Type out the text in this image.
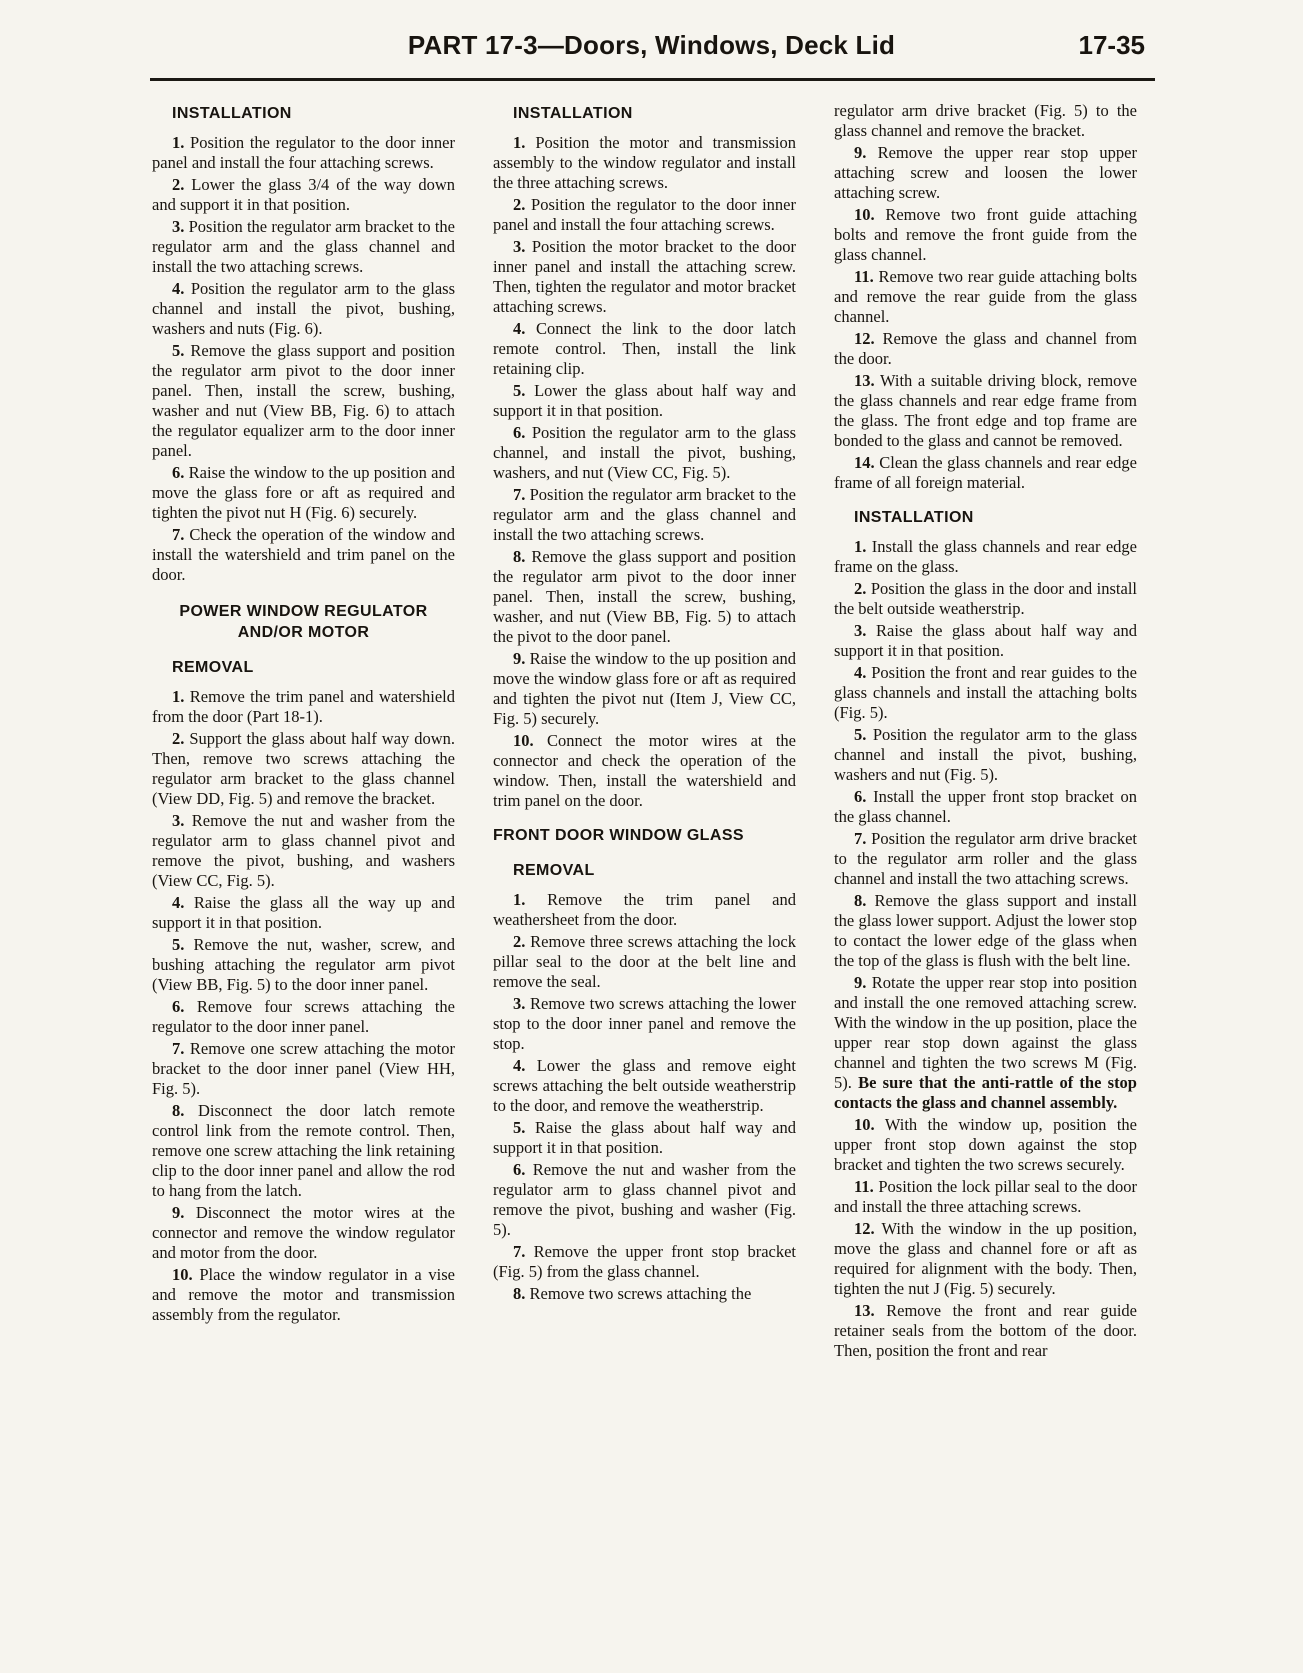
PART 17-3—Doors, Windows, Deck Lid	17-35
INSTALLATION

1. Position the regulator to the door inner panel and install the four attaching screws.

2. Lower the glass 3/4 of the way down and support it in that position.

3. Position the regulator arm bracket to the regulator arm and the glass channel and install the two attaching screws.

4. Position the regulator arm to the glass channel and install the pivot, bushing, washers and nuts (Fig. 6).

5. Remove the glass support and position the regulator arm pivot to the door inner panel. Then, install the screw, bushing, washer and nut (View BB, Fig. 6) to attach the regulator equalizer arm to the door inner panel.

6. Raise the window to the up position and move the glass fore or aft as required and tighten the pivot nut H (Fig. 6) securely.

7. Check the operation of the window and install the watershield and trim panel on the door.

POWER WINDOW REGULATOR AND/OR MOTOR
REMOVAL

1. Remove the trim panel and watershield from the door (Part 18-1).

2. Support the glass about half way down. Then, remove two screws attaching the regulator arm bracket to the glass channel (View DD, Fig. 5) and remove the bracket.

3. Remove the nut and washer from the regulator arm to glass channel pivot and remove the pivot, bushing, and washers (View CC, Fig. 5).

4. Raise the glass all the way up and support it in that position.

5. Remove the nut, washer, screw, and bushing attaching the regulator arm pivot (View BB, Fig. 5) to the door inner panel.

6. Remove four screws attaching the regulator to the door inner panel.

7. Remove one screw attaching the motor bracket to the door inner panel (View HH, Fig. 5).

8. Disconnect the door latch remote control link from the remote control. Then, remove one screw attaching the link retaining clip to the door inner panel and allow the rod to hang from the latch.

9. Disconnect the motor wires at the connector and remove the window regulator and motor from the door.

10. Place the window regulator in a vise and remove the motor and transmission assembly from the regulator.

INSTALLATION

1. Position the motor and transmission assembly to the window regulator and install the three attaching screws.

2. Position the regulator to the door inner panel and install the four attaching screws.

3. Position the motor bracket to the door inner panel and install the attaching screw. Then, tighten the regulator and motor bracket attaching screws.

4. Connect the link to the door latch remote control. Then, install the link retaining clip.

5. Lower the glass about half way and support it in that position.

6. Position the regulator arm to the glass channel, and install the pivot, bushing, washers, and nut (View CC, Fig. 5).

7. Position the regulator arm bracket to the regulator arm and the glass channel and install the two attaching screws.

8. Remove the glass support and position the regulator arm pivot to the door inner panel. Then, install the screw, bushing, washer, and nut (View BB, Fig. 5) to attach the pivot to the door panel.

9. Raise the window to the up position and move the window glass fore or aft as required and tighten the pivot nut (Item J, View CC, Fig. 5) securely.

10. Connect the motor wires at the connector and check the operation of the window. Then, install the watershield and trim panel on the door.

FRONT DOOR WINDOW GLASS
REMOVAL

1. Remove the trim panel and weathersheet from the door.

2. Remove three screws attaching the lock pillar seal to the door at the belt line and remove the seal.

3. Remove two screws attaching the lower stop to the door inner panel and remove the stop.

4. Lower the glass and remove eight screws attaching the belt outside weatherstrip to the door, and remove the weatherstrip.

5. Raise the glass about half way and support it in that position.

6. Remove the nut and washer from the regulator arm to glass channel pivot and remove the pivot, bushing and washer (Fig. 5).

7. Remove the upper front stop bracket (Fig. 5) from the glass channel.

8. Remove two screws attaching the

regulator arm drive bracket (Fig. 5) to the glass channel and remove the bracket.

9. Remove the upper rear stop upper attaching screw and loosen the lower attaching screw.

10. Remove two front guide attaching bolts and remove the front guide from the glass channel.

11. Remove two rear guide attaching bolts and remove the rear guide from the glass channel.

12. Remove the glass and channel from the door.

13. With a suitable driving block, remove the glass channels and rear edge frame from the glass. The front edge and top frame are bonded to the glass and cannot be removed.

14. Clean the glass channels and rear edge frame of all foreign material.

INSTALLATION

1. Install the glass channels and rear edge frame on the glass.

2. Position the glass in the door and install the belt outside weatherstrip.

3. Raise the glass about half way and support it in that position.

4. Position the front and rear guides to the glass channels and install the attaching bolts (Fig. 5).

5. Position the regulator arm to the glass channel and install the pivot, bushing, washers and nut (Fig. 5).

6. Install the upper front stop bracket on the glass channel.

7. Position the regulator arm drive bracket to the regulator arm roller and the glass channel and install the two attaching screws.

8. Remove the glass support and install the glass lower support. Adjust the lower stop to contact the lower edge of the glass when the top of the glass is flush with the belt line.

9. Rotate the upper rear stop into position and install the one removed attaching screw. With the window in the up position, place the upper rear stop down against the glass channel and tighten the two screws M (Fig. 5). Be sure that the anti-rattle of the stop contacts the glass and channel assembly.

10. With the window up, position the upper front stop down against the stop bracket and tighten the two screws securely.

11. Position the lock pillar seal to the door and install the three attaching screws.

12. With the window in the up position, move the glass and channel fore or aft as required for alignment with the body. Then, tighten the nut J (Fig. 5) securely.

13. Remove the front and rear guide retainer seals from the bottom of the door. Then, position the front and rear
